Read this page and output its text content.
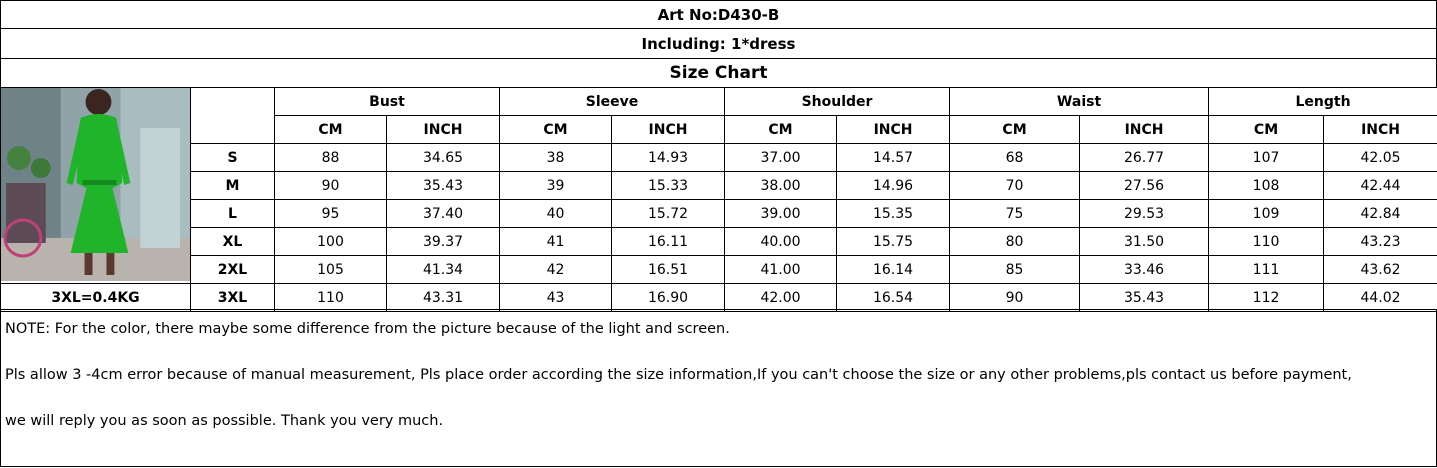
Art No:D430-B
Including: 1*dress
Size Chart
		Bust		Sleeve		Shoulder		Waist		Length	
		CM	INCH	CM	INCH	CM	INCH	CM	INCH	CM	INCH
	S	88	34.65	38	14.93	37.00	14.57	68	26.77	107	42.05
	M	90	35.43	39	15.33	38.00	14.96	70	27.56	108	42.44
	L	95	37.40	40	15.72	39.00	15.35	75	29.53	109	42.84
	XL	100	39.37	41	16.11	40.00	15.75	80	31.50	110	43.23
	2XL	105	41.34	42	16.51	41.00	16.14	85	33.46	111	43.62
3XL=0.4KG	3XL	110	43.31	43	16.90	42.00	16.54	90	35.43	112	44.02

NOTE: For the color, there maybe some difference from the picture because of the light and screen.

Pls allow 3 -4cm error because of manual measurement, Pls place order according the size information,If you can't choose the size or any other problems,pls contact us before payment,

we will reply you as soon as possible. Thank you very much.
